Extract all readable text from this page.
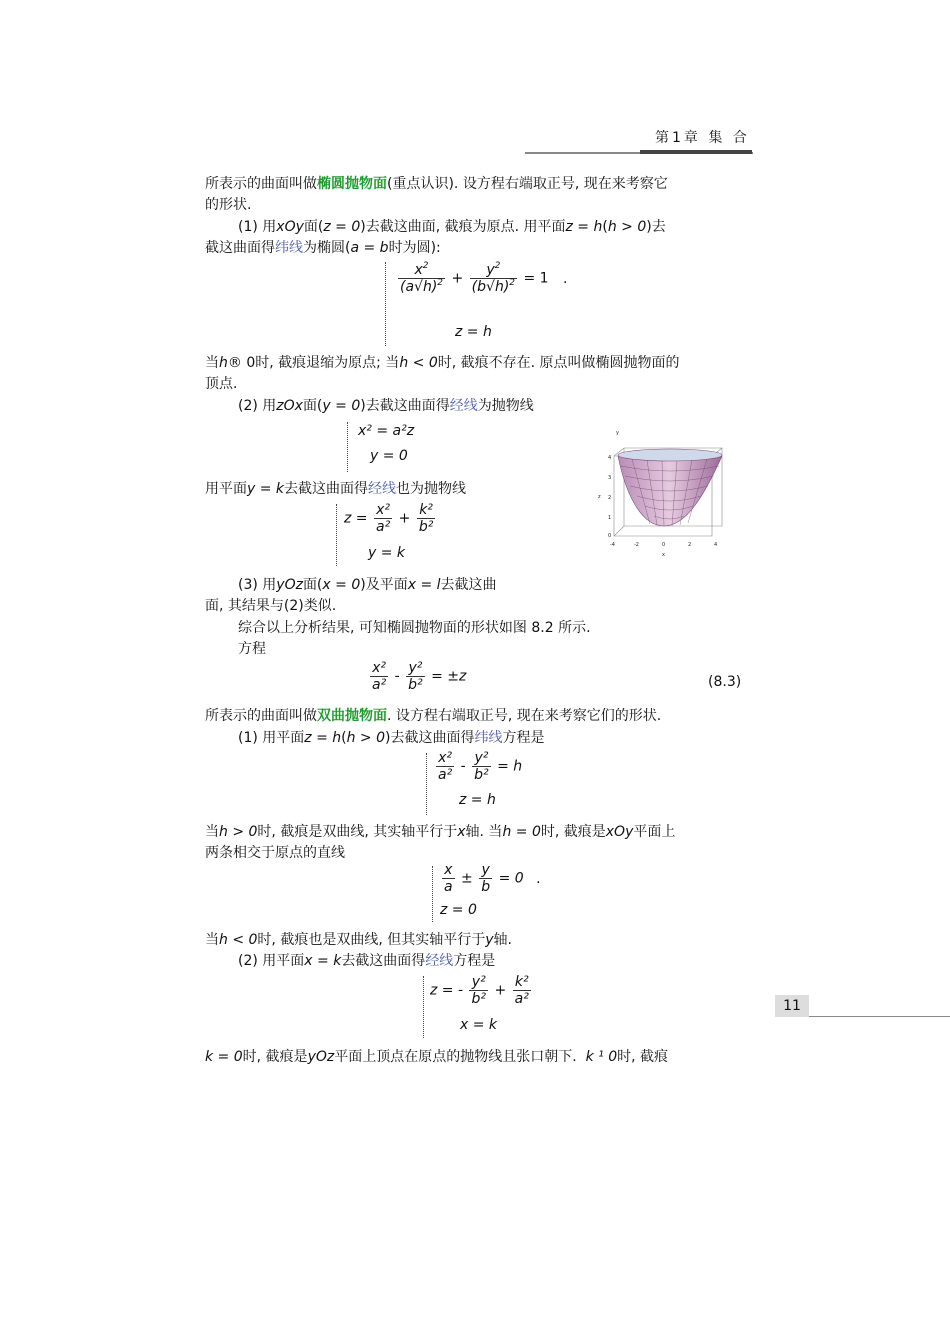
第1章 集 合
所表示的曲面叫做椭圆抛物面(重点认识). 设方程右端取正号, 现在来考察它
的形状.
(1) 用xOy面(z = 0)去截这曲面, 截痕为原点. 用平面z = h(h > 0)去
截这曲面得纬线为椭圆(a = b时为圆):
$\frac{x^2}{(a√h)^2} + \frac{y^2}{(b√h)^2} = 1$ .
z = h
当h® 0时, 截痕退缩为原点; 当h < 0时, 截痕不存在. 原点叫做椭圆抛物面的
顶点.
(2) 用zOx面(y = 0)去截这曲面得经线为抛物线
x² = a²z
y = 0
用平面y = k去截这曲面得经线也为抛物线
$z = \frac{\text{x²}}{\text{a²}} + \frac{\text{k²}}{\text{b²}}$
y = k
y
4
3
2
1
0
z
-4	-2	0	2	4
x
(3) 用yOz面(x = 0)及平面x = l去截这曲
面, 其结果与(2)类似.
综合以上分析结果, 可知椭圆抛物面的形状如图 8.2 所示.
方程
$\frac{\text{x²}}{\text{a²}} - \frac{\text{y²}}{\text{b²}} = \pm z$	(8.3)
所表示的曲面叫做双曲抛物面. 设方程右端取正号, 现在来考察它们的形状.
(1) 用平面z = h(h > 0)去截这曲面得纬线方程是
$\frac{\text{x²}}{\text{a²}} - \frac{\text{y²}}{\text{b²}} = h$
z = h
当h > 0时, 截痕是双曲线, 其实轴平行于x轴. 当h = 0时, 截痕是xOy平面上
两条相交于原点的直线
$\frac{x}{a} \pm \frac{y}{b} = 0$ .
z = 0
当h < 0时, 截痕也是双曲线, 但其实轴平行于y轴.
(2) 用平面x = k去截这曲面得经线方程是
z = - $\frac{\text{y²}}{\text{b²}} + \frac{\text{k²}}{\text{a²}}$
x = k
11
k = 0时, 截痕是yOz平面上顶点在原点的抛物线且张口朝下. k ¹ 0时, 截痕
